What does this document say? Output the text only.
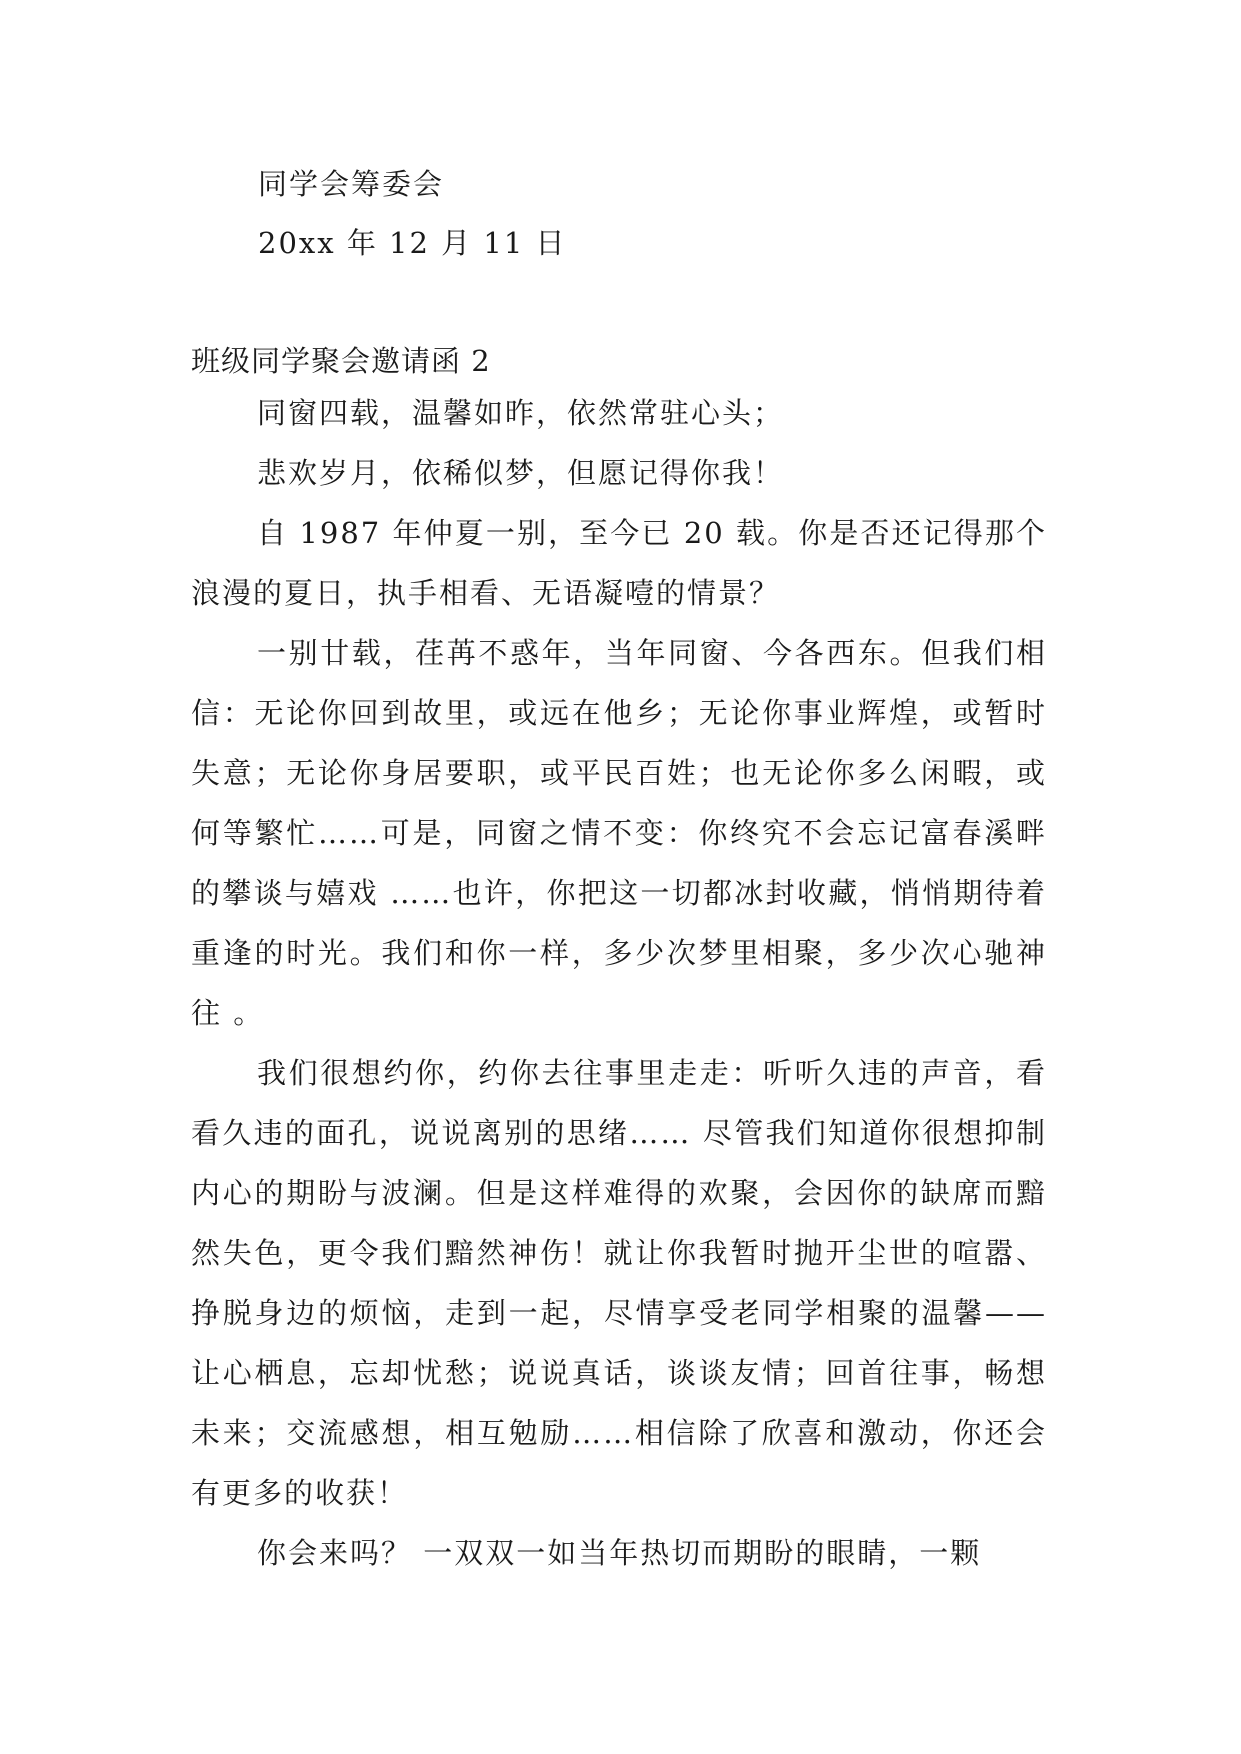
同学会筹委会
20xx 年 12 月 11 日
班级同学聚会邀请函 2

同窗四载，温馨如昨，依然常驻心头；

悲欢岁月，依稀似梦，但愿记得你我！

自 1987 年仲夏一别，至今已 20 载。你是否还记得那个浪漫的夏日，执手相看、无语凝噎的情景？

一别廿载，荏苒不惑年，当年同窗、今各西东。但我们相信：无论你回到故里，或远在他乡；无论你事业辉煌，或暂时失意；无论你身居要职，或平民百姓；也无论你多么闲暇，或何等繁忙……可是，同窗之情不变：你终究不会忘记富春溪畔的攀谈与嬉戏 ……也许，你把这一切都冰封收藏，悄悄期待着重逢的时光。我们和你一样，多少次梦里相聚，多少次心驰神往 。

我们很想约你，约你去往事里走走：听听久违的声音，看看久违的面孔，说说离别的思绪…… 尽管我们知道你很想抑制内心的期盼与波澜。但是这样难得的欢聚，会因你的缺席而黯然失色，更令我们黯然神伤！就让你我暂时抛开尘世的喧嚣、挣脱身边的烦恼，走到一起，尽情享受老同学相聚的温馨——让心栖息，忘却忧愁；说说真话，谈谈友情；回首往事，畅想未来；交流感想，相互勉励……相信除了欣喜和激动，你还会有更多的收获！

你会来吗？ 一双双一如当年热切而期盼的眼睛，一颗
